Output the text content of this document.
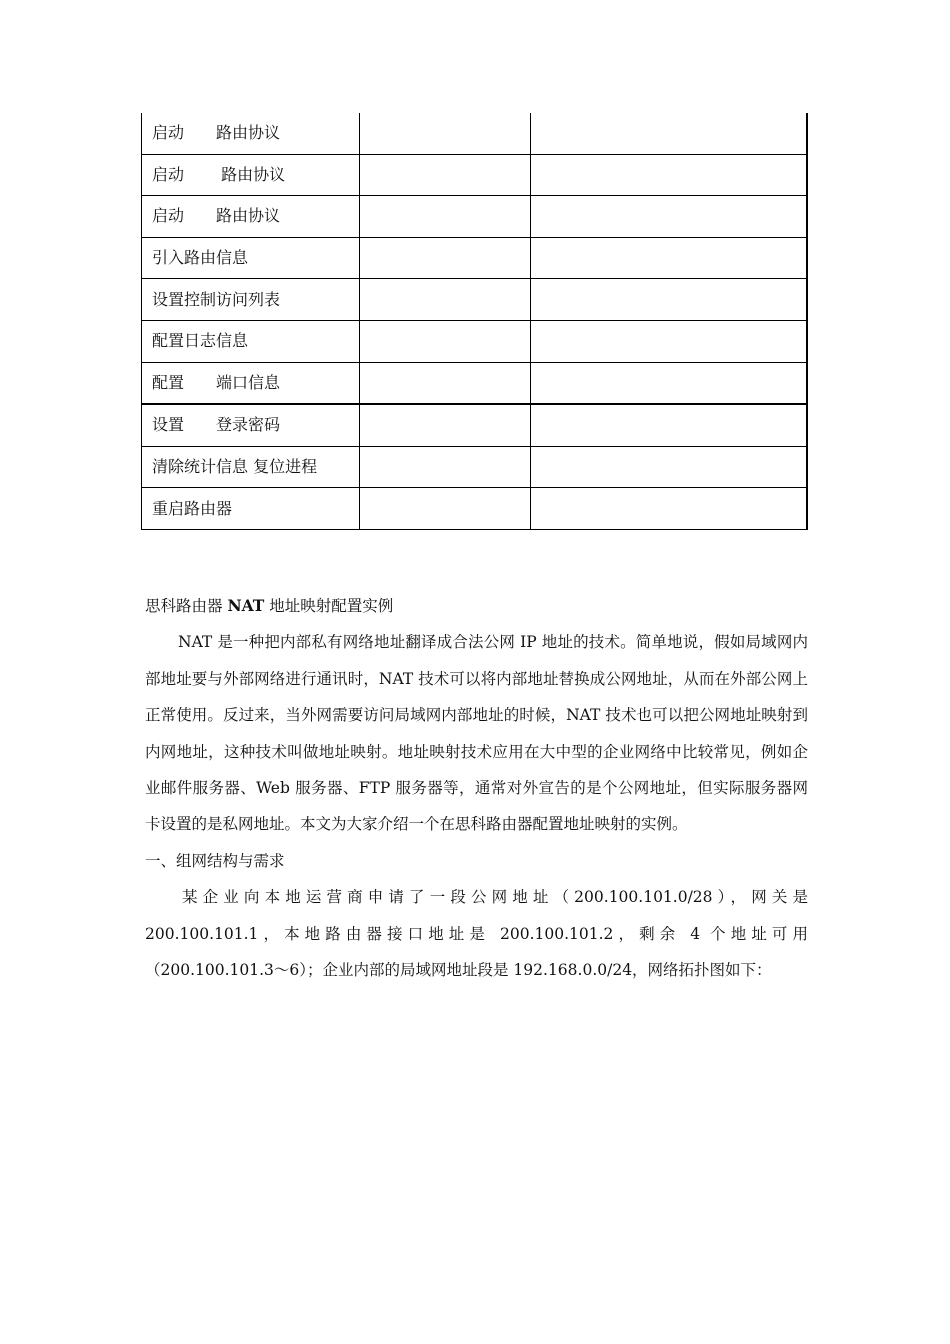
启动　　路由协议		
启动　　 路由协议		
启动　　路由协议		
引入路由信息		
设置控制访问列表		
配置日志信息		
配置　　端口信息		
设置　　登录密码		
清除统计信息 复位进程		
重启路由器		

思科路由器 NAT 地址映射配置实例

NAT 是一种把内部私有网络地址翻译成合法公网 IP 地址的技术。简单地说，假如局域网内部地址要与外部网络进行通讯时，NAT 技术可以将内部地址替换成公网地址，从而在外部公网上正常使用。反过来，当外网需要访问局域网内部地址的时候，NAT 技术也可以把公网地址映射到内网地址，这种技术叫做地址映射。地址映射技术应用在大中型的企业网络中比较常见，例如企业邮件服务器、Web 服务器、FTP 服务器等，通常对外宣告的是个公网地址，但实际服务器网卡设置的是私网地址。本文为大家介绍一个在思科路由器配置地址映射的实例。

一、组网结构与需求

某企业向本地运营商申请了一段公网地址（200.100.101.0/28），网关是 200.100.101.1，本地路由器接口地址是 200.100.101.2，剩余 4 个地址可用（200.100.101.3～6）；企业内部的局域网地址段是 192.168.0.0/24，网络拓扑图如下：
